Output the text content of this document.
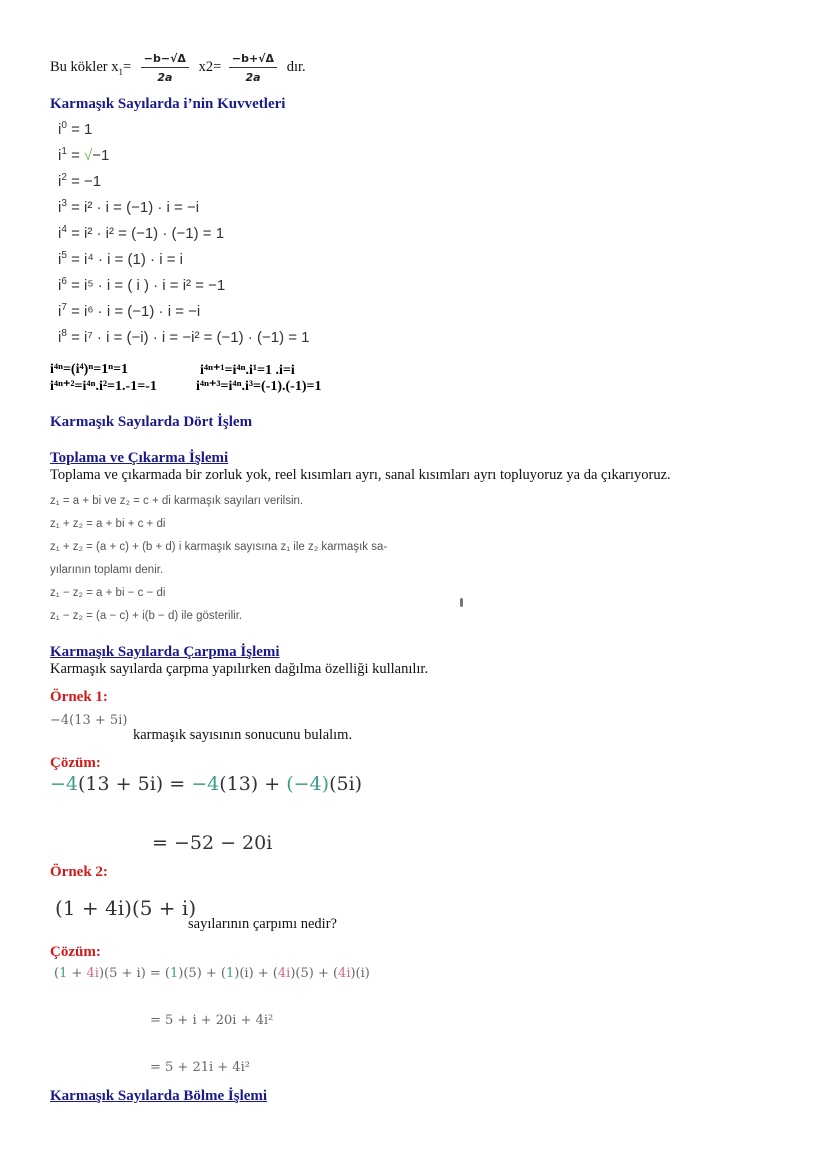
Bu kökler $x_1= \frac{-b-√\Delta}{2a} x2= \frac{-b+√\Delta}{2a}$ dır.
Karmaşık Sayılarda i’nin Kuvvetleri
$i^0 = 1$
$i^1 = √-1$
$i^2 = -1$
$i^3 = i^2 \cdot i = (-1) \cdot i = -i$
$i^4 = i^2 \cdot i^2 = (-1) \cdot (-1) = 1$
$i^5 = i^4 \cdot i = (1) \cdot i = i$
$i^6 = i^5 \cdot i$ = ( i ) · i = i² = −1
$i^7 = i^6 \cdot i = (-1) \cdot i = -i$
$i^8 = i^7 \cdot i = (-i) \cdot i = -i^2 = (-1) \cdot (-1) = 1$
i⁴ⁿ=(i⁴)ⁿ=1ⁿ=1	i⁴ⁿ⁺¹=i⁴ⁿ.i¹=1 .i=i
i⁴ⁿ⁺²=i⁴ⁿ.i²=1.-1=-1	i⁴ⁿ⁺³=i⁴ⁿ.i³=(-1).(-1)=1
Karmaşık Sayılarda Dört İşlem
Toplama ve Çıkarma İşlemi
Toplama ve çıkarmada bir zorluk yok, reel kısımları ayrı, sanal kısımları ayrı topluyoruz ya da çıkarıyoruz.
z₁ = a + bi ve z₂ = c + di karmaşık sayıları verilsin.
z₁ + z₂ = a + bi + c + di
z₁ + z₂ = (a + c) + (b + d) i karmaşık sayısına z₁ ile z₂ karmaşık sa-
yılarının toplamı denir.
z₁ − z₂ = a + bi − c − di
z₁ − z₂ = (a − c) + i(b − d) ile gösterilir.
Karmaşık Sayılarda Çarpma İşlemi
Karmaşık sayılarda çarpma yapılırken dağılma özelliği kullanılır.
Örnek 1:
−4(13 + 5i)
karmaşık sayısının sonucunu bulalım.
Çözüm:
−4(13 + 5i) = −4(13) + (−4)(5i)
= −52 − 20i
Örnek 2:
(1 + 4i)(5 + i)
sayılarının çarpımı nedir?
Çözüm:
(1 + 4i)(5 + i) = (1)(5) + (1)(i) + (4i)(5) + (4i)(i)
= 5 + i + 20i + 4i²
= 5 + 21i + 4i²
Karmaşık Sayılarda Bölme İşlemi
